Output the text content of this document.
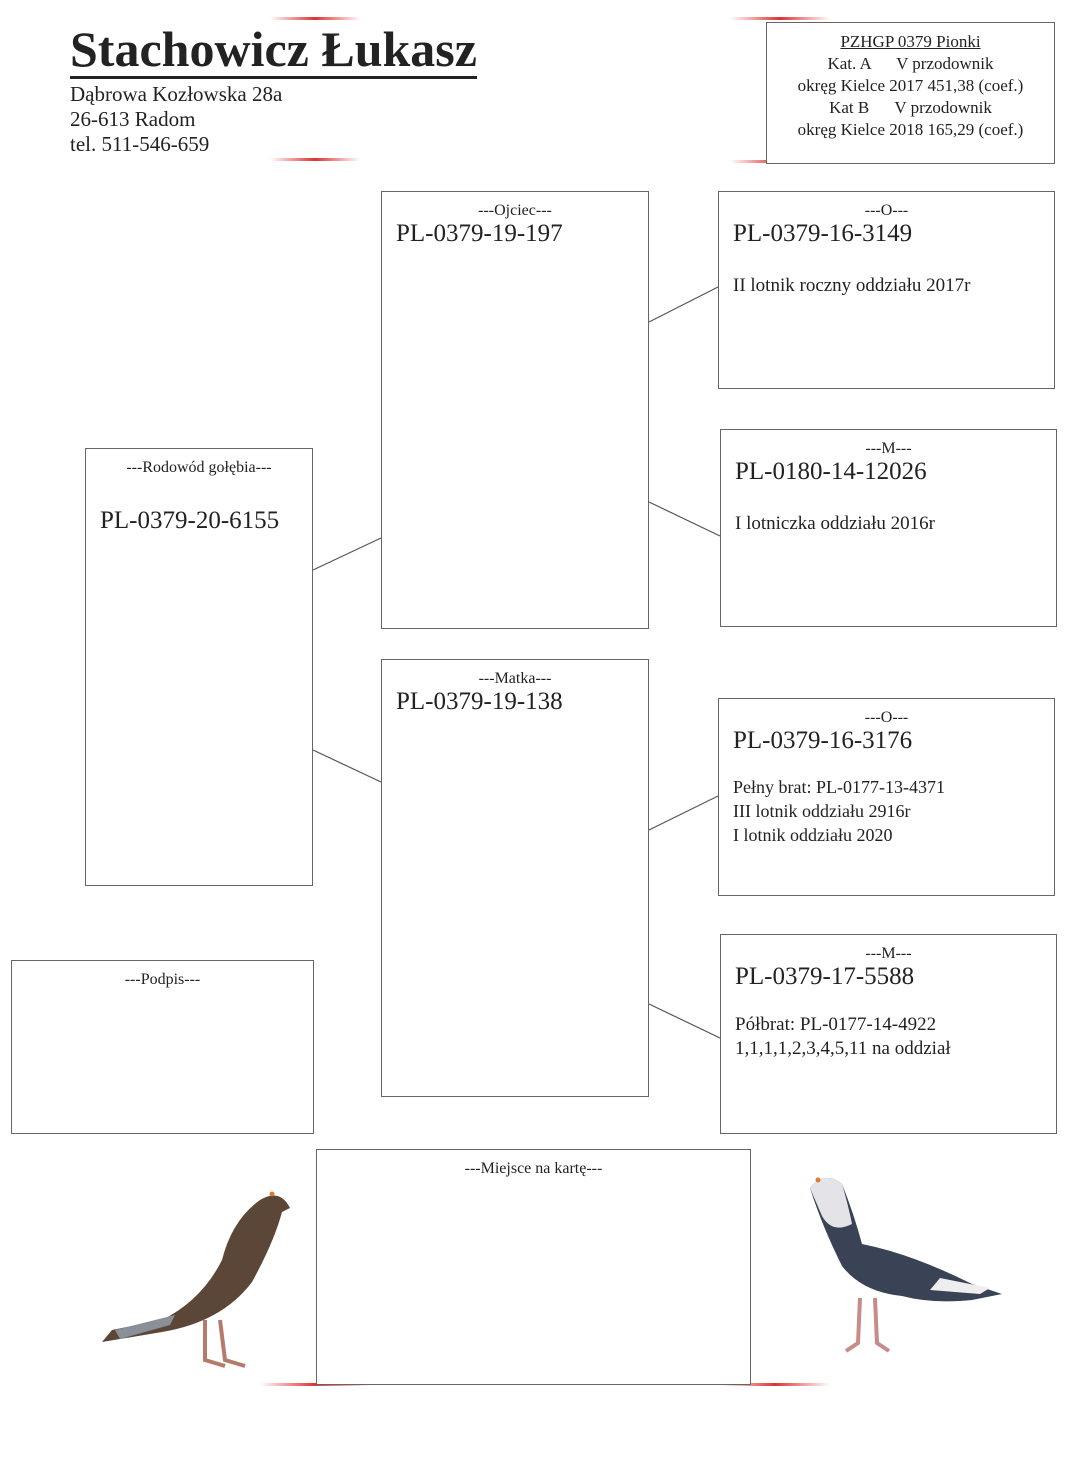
Stachowicz Łukasz
Dąbrowa Kozłowska 28a
26-613 Radom
tel. 511-546-659
PZHGP 0379 Pionki
Kat. A      V przodownik
okręg Kielce 2017 451,38 (coef.)
Kat B      V przodownik
okręg Kielce 2018 165,29 (coef.)
---Rodowód gołębia---
PL-0379-20-6155
---Ojciec---
PL-0379-19-197
---Matka---
PL-0379-19-138
---O---
PL-0379-16-3149
II lotnik roczny oddziału 2017r
---M---
PL-0180-14-12026
I lotniczka oddziału 2016r
---O---
PL-0379-16-3176
Pełny brat: PL-0177-13-4371
III lotnik oddziału 2916r
I lotnik oddziału 2020
---M---
PL-0379-17-5588
Półbrat: PL-0177-14-4922
1,1,1,1,2,3,4,5,11 na oddział
---Podpis---
---Miejsce na kartę---
